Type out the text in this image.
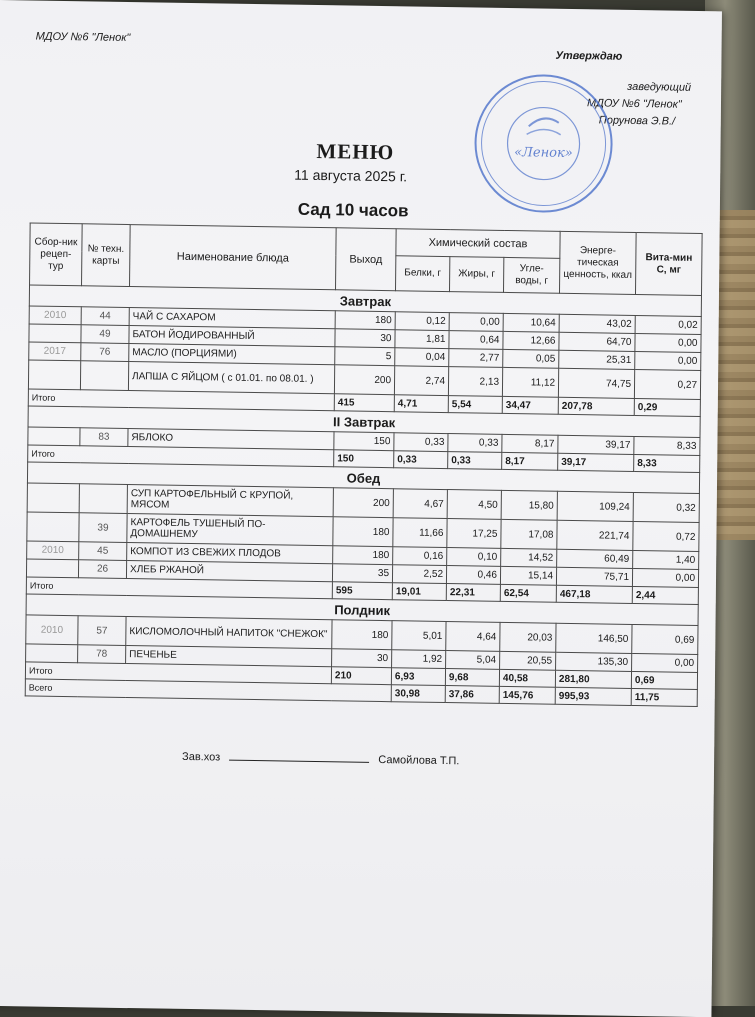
МДОУ №6 "Ленок"
Утверждаю
заведующий
МДОУ №6 "Ленок"
Порунова Э.В./
«Ленок»
МЕНЮ
11 августа 2025 г.
Сад 10 часов
Сбор-ник рецеп-тур	№ техн. карты	Наименование блюда	Выход	Химический состав			Энерге-тическая ценность, ккал	Вита-мин С, мг
				Белки, г	Жиры, г	Угле-воды, г		
Завтрак								
2010	44	ЧАЙ С САХАРОМ	180	0,12	0,00	10,64	43,02	0,02
	49	БАТОН ЙОДИРОВАННЫЙ	30	1,81	0,64	12,66	64,70	0,00
2017	76	МАСЛО (ПОРЦИЯМИ)	5	0,04	2,77	0,05	25,31	0,00
		ЛАПША С ЯЙЦОМ ( с 01.01. по 08.01. )	200	2,74	2,13	11,12	74,75	0,27
Итого			415	4,71	5,54	34,47	207,78	0,29
II Завтрак								
	83	ЯБЛОКО	150	0,33	0,33	8,17	39,17	8,33
Итого			150	0,33	0,33	8,17	39,17	8,33
Обед								
		СУП КАРТОФЕЛЬНЫЙ С КРУПОЙ, МЯСОМ	200	4,67	4,50	15,80	109,24	0,32
	39	КАРТОФЕЛЬ ТУШЕНЫЙ ПО-ДОМАШНЕМУ	180	11,66	17,25	17,08	221,74	0,72
2010	45	КОМПОТ ИЗ СВЕЖИХ ПЛОДОВ	180	0,16	0,10	14,52	60,49	1,40
	26	ХЛЕБ РЖАНОЙ	35	2,52	0,46	15,14	75,71	0,00
Итого			595	19,01	22,31	62,54	467,18	2,44
Полдник								
2010	57	КИСЛОМОЛОЧНЫЙ НАПИТОК "СНЕЖОК"	180	5,01	4,64	20,03	146,50	0,69
	78	ПЕЧЕНЬЕ	30	1,92	5,04	20,55	135,30	0,00
Итого			210	6,93	9,68	40,58	281,80	0,69
Всего				30,98	37,86	145,76	995,93	11,75
Зав.хоз	Самойлова Т.П.
